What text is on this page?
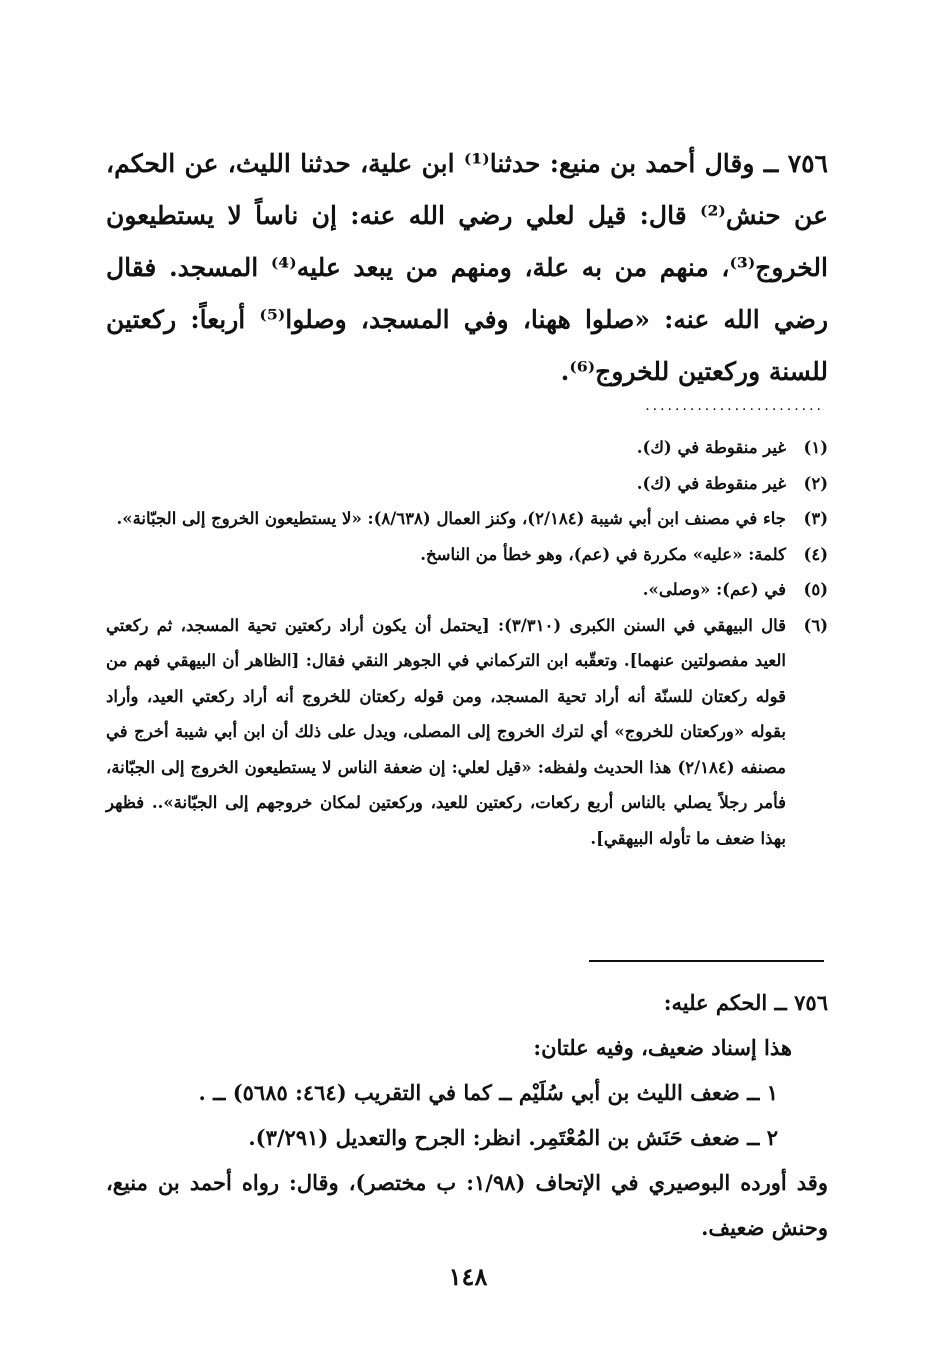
٧٥٦ ــ وقال أحمد بن منيع: حدثنا⁽¹⁾ ابن علية، حدثنا الليث، عن الحكم، عن حنش⁽²⁾ قال: قيل لعلي رضي الله عنه: إن ناساً لا يستطيعون الخروج⁽³⁾، منهم من به علة، ومنهم من يبعد عليه⁽⁴⁾ المسجد. فقال رضي الله عنه: «صلوا ههنا، وفي المسجد، وصلوا⁽⁵⁾ أربعاً: ركعتين للسنة وركعتين للخروج⁽⁶⁾.
........................
(١)
غير منقوطة في (ك).
(٢)
غير منقوطة في (ك).
(٣)
جاء في مصنف ابن أبي شيبة (٢/١٨٤)، وكنز العمال (٨/٦٣٨): «لا يستطيعون الخروج إلى الجبّانة».
(٤)
كلمة: «عليه» مكررة في (عم)، وهو خطأ من الناسخ.
(٥)
في (عم): «وصلى».
(٦)
قال البيهقي في السنن الكبرى (٣/٣١٠): [يحتمل أن يكون أراد ركعتين تحية المسجد، ثم ركعتي العيد مفصولتين عنهما]. وتعقّبه ابن التركماني في الجوهر النقي فقال: [الظاهر أن البيهقي فهم من قوله ركعتان للسنّة أنه أراد تحية المسجد، ومن قوله ركعتان للخروج أنه أراد ركعتي العيد، وأراد بقوله «وركعتان للخروج» أي لترك الخروج إلى المصلى، ويدل على ذلك أن ابن أبي شيبة أخرج في مصنفه (٢/١٨٤) هذا الحديث ولفظه: «قيل لعلي: إن ضعفة الناس لا يستطيعون الخروج إلى الجبّانة، فأمر رجلاً يصلي بالناس أربع ركعات، ركعتين للعيد، وركعتين لمكان خروجهم إلى الجبّانة».. فظهر بهذا ضعف ما تأوله البيهقي].

٧٥٦ ــ الحكم عليه:

هذا إسناد ضعيف، وفيه علتان:

١ ــ ضعف الليث بن أبي سُلَيْم ــ كما في التقريب (٤٦٤: ٥٦٨٥) ــ .

٢ ــ ضعف حَنَش بن المُعْتَمِر. انظر: الجرح والتعديل (٣/٢٩١).

وقد أورده البوصيري في الإتحاف (١/٩٨: ب مختصر)، وقال: رواه أحمد بن منيع، وحنش ضعيف.

١٤٨
